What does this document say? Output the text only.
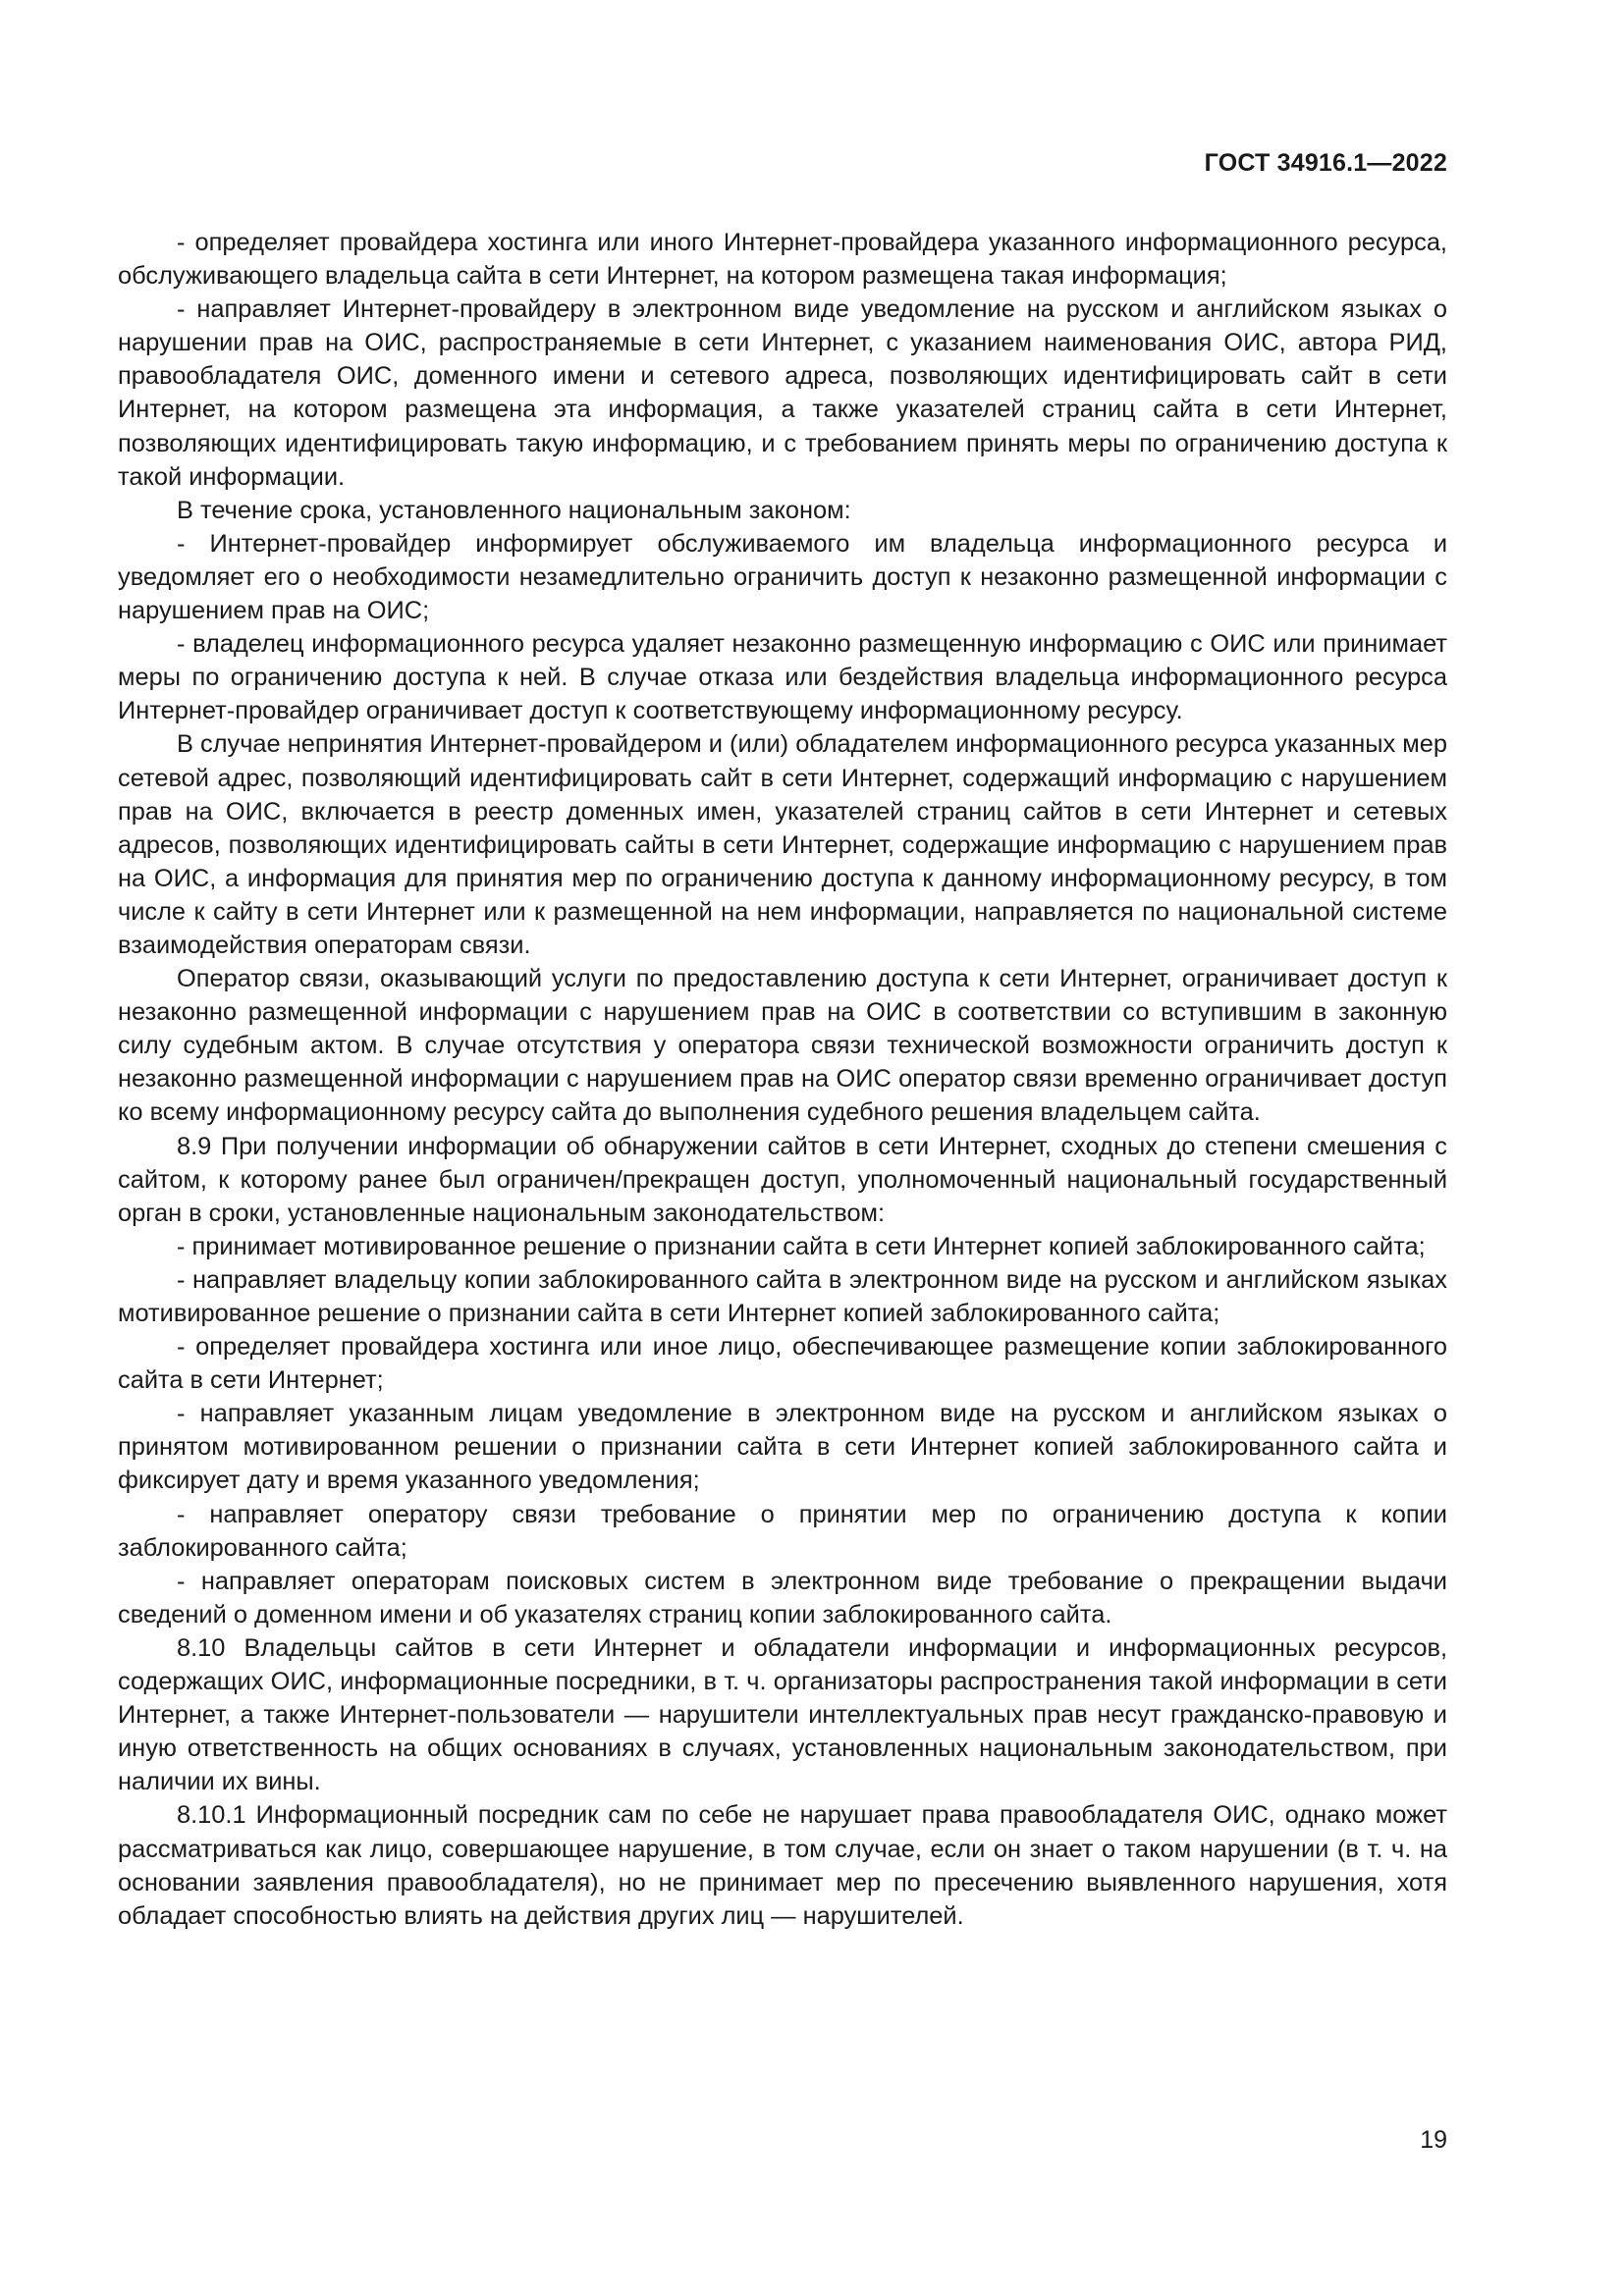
ГОСТ 34916.1—2022

- определяет провайдера хостинга или иного Интернет-провайдера указанного информационного ресурса, обслуживающего владельца сайта в сети Интернет, на котором размещена такая информация;

- направляет Интернет-провайдеру в электронном виде уведомление на русском и английском языках о нарушении прав на ОИС, распространяемые в сети Интернет, с указанием наименования ОИС, автора РИД, правообладателя ОИС, доменного имени и сетевого адреса, позволяющих идентифицировать сайт в сети Интернет, на котором размещена эта информация, а также указателей страниц сайта в сети Интернет, позволяющих идентифицировать такую информацию, и с требованием принять меры по ограничению доступа к такой информации.

В течение срока, установленного национальным законом:

- Интернет-провайдер информирует обслуживаемого им владельца информационного ресурса и уведомляет его о необходимости незамедлительно ограничить доступ к незаконно размещенной информации с нарушением прав на ОИС;

- владелец информационного ресурса удаляет незаконно размещенную информацию с ОИС или принимает меры по ограничению доступа к ней. В случае отказа или бездействия владельца информационного ресурса Интернет-провайдер ограничивает доступ к соответствующему информационному ресурсу.

В случае непринятия Интернет-провайдером и (или) обладателем информационного ресурса указанных мер сетевой адрес, позволяющий идентифицировать сайт в сети Интернет, содержащий информацию с нарушением прав на ОИС, включается в реестр доменных имен, указателей страниц сайтов в сети Интернет и сетевых адресов, позволяющих идентифицировать сайты в сети Интернет, содержащие информацию с нарушением прав на ОИС, а информация для принятия мер по ограничению доступа к данному информационному ресурсу, в том числе к сайту в сети Интернет или к размещенной на нем информации, направляется по национальной системе взаимодействия операторам связи.

Оператор связи, оказывающий услуги по предоставлению доступа к сети Интернет, ограничивает доступ к незаконно размещенной информации с нарушением прав на ОИС в соответствии со вступившим в законную силу судебным актом. В случае отсутствия у оператора связи технической возможности ограничить доступ к незаконно размещенной информации с нарушением прав на ОИС оператор связи временно ограничивает доступ ко всему информационному ресурсу сайта до выполнения судебного решения владельцем сайта.

8.9 При получении информации об обнаружении сайтов в сети Интернет, сходных до степени смешения с сайтом, к которому ранее был ограничен/прекращен доступ, уполномоченный национальный государственный орган в сроки, установленные национальным законодательством:

- принимает мотивированное решение о признании сайта в сети Интернет копией заблокированного сайта;

- направляет владельцу копии заблокированного сайта в электронном виде на русском и английском языках мотивированное решение о признании сайта в сети Интернет копией заблокированного сайта;

- определяет провайдера хостинга или иное лицо, обеспечивающее размещение копии заблокированного сайта в сети Интернет;

- направляет указанным лицам уведомление в электронном виде на русском и английском языках о принятом мотивированном решении о признании сайта в сети Интернет копией заблокированного сайта и фиксирует дату и время указанного уведомления;

- направляет оператору связи требование о принятии мер по ограничению доступа к копии заблокированного сайта;

- направляет операторам поисковых систем в электронном виде требование о прекращении выдачи сведений о доменном имени и об указателях страниц копии заблокированного сайта.

8.10 Владельцы сайтов в сети Интернет и обладатели информации и информационных ресурсов, содержащих ОИС, информационные посредники, в т. ч. организаторы распространения такой информации в сети Интернет, а также Интернет-пользователи — нарушители интеллектуальных прав несут гражданско-правовую и иную ответственность на общих основаниях в случаях, установленных национальным законодательством, при наличии их вины.

8.10.1 Информационный посредник сам по себе не нарушает права правообладателя ОИС, однако может рассматриваться как лицо, совершающее нарушение, в том случае, если он знает о таком нарушении (в т. ч. на основании заявления правообладателя), но не принимает мер по пресечению выявленного нарушения, хотя обладает способностью влиять на действия других лиц — нарушителей.

19
